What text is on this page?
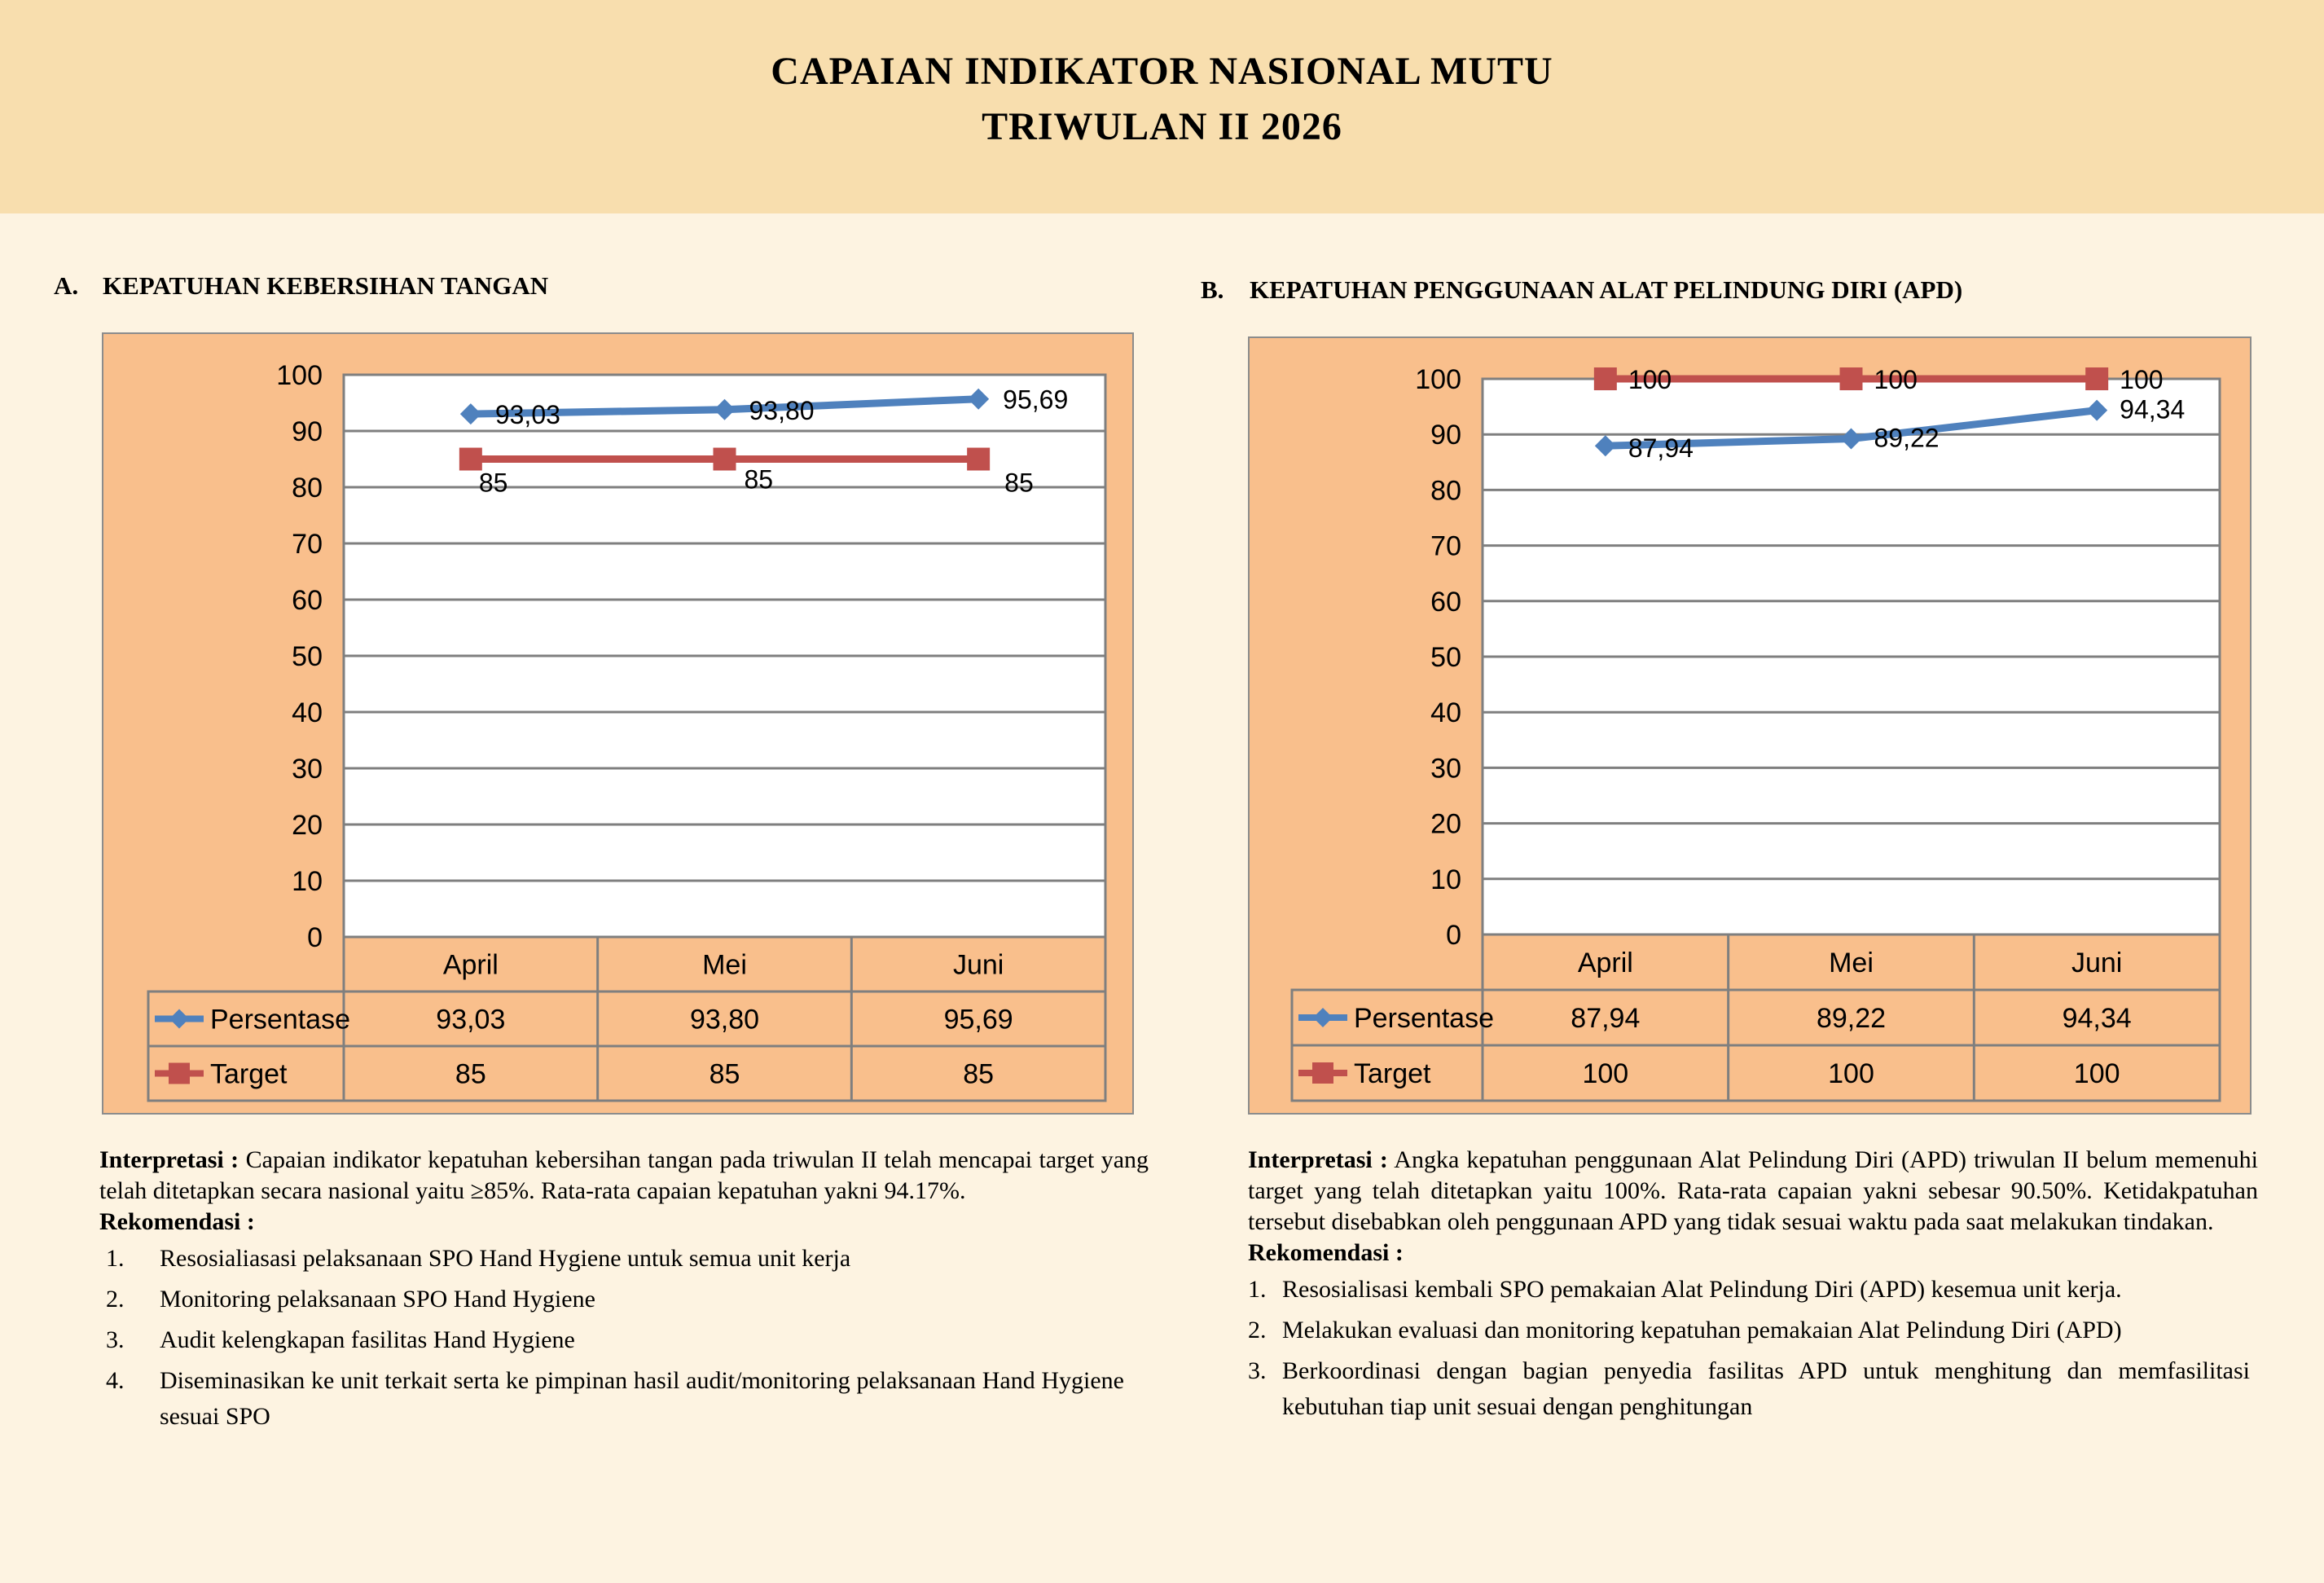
CAPAIAN INDIKATOR NASIONAL MUTU
TRIWULAN II 2026
A. KEPATUHAN KEBERSIHAN TANGAN	B. KEPATUHAN PENGGUNAAN ALAT PELINDUNG DIRI (APD)
0
10
20
30
40
50
60
70
80
90
100
93,03	93,80	95,69
85	85	85
April	Mei	Juni
Persentase	93,03	93,80	95,69
Target	85	85	85
0
10
20
30
40
50
60
70
80
90
100
87,94	89,22
94,34
100	100	100
April	Mei	Juni
Persentase	87,94	89,22	94,34
Target	100	100	100

Interpretasi : Capaian indikator kepatuhan kebersihan tangan pada triwulan II telah mencapai target yang telah ditetapkan secara nasional yaitu ≥85%. Rata-rata capaian kepatuhan yakni 94.17%.

Rekomendasi :

1.	Resosialiasasi pelaksanaan SPO Hand Hygiene untuk semua unit kerja
2.	Monitoring pelaksanaan SPO Hand Hygiene
3.	Audit kelengkapan fasilitas Hand Hygiene
4.	Diseminasikan ke unit terkait serta ke pimpinan hasil audit/monitoring pelaksanaan Hand Hygiene sesuai SPO

Interpretasi : Angka kepatuhan penggunaan Alat Pelindung Diri (APD) triwulan II belum memenuhi target yang telah ditetapkan yaitu 100%. Rata-rata capaian yakni sebesar 90.50%. Ketidakpatuhan tersebut disebabkan oleh penggunaan APD yang tidak sesuai waktu pada saat melakukan tindakan.

Rekomendasi :

1. Resosialisasi kembali SPO pemakaian Alat Pelindung Diri (APD) kesemua unit kerja.
2. Melakukan evaluasi dan monitoring kepatuhan pemakaian Alat Pelindung Diri (APD)
3. Berkoordinasi dengan bagian penyedia fasilitas APD untuk menghitung dan memfasilitasi kebutuhan tiap unit sesuai dengan penghitungan
